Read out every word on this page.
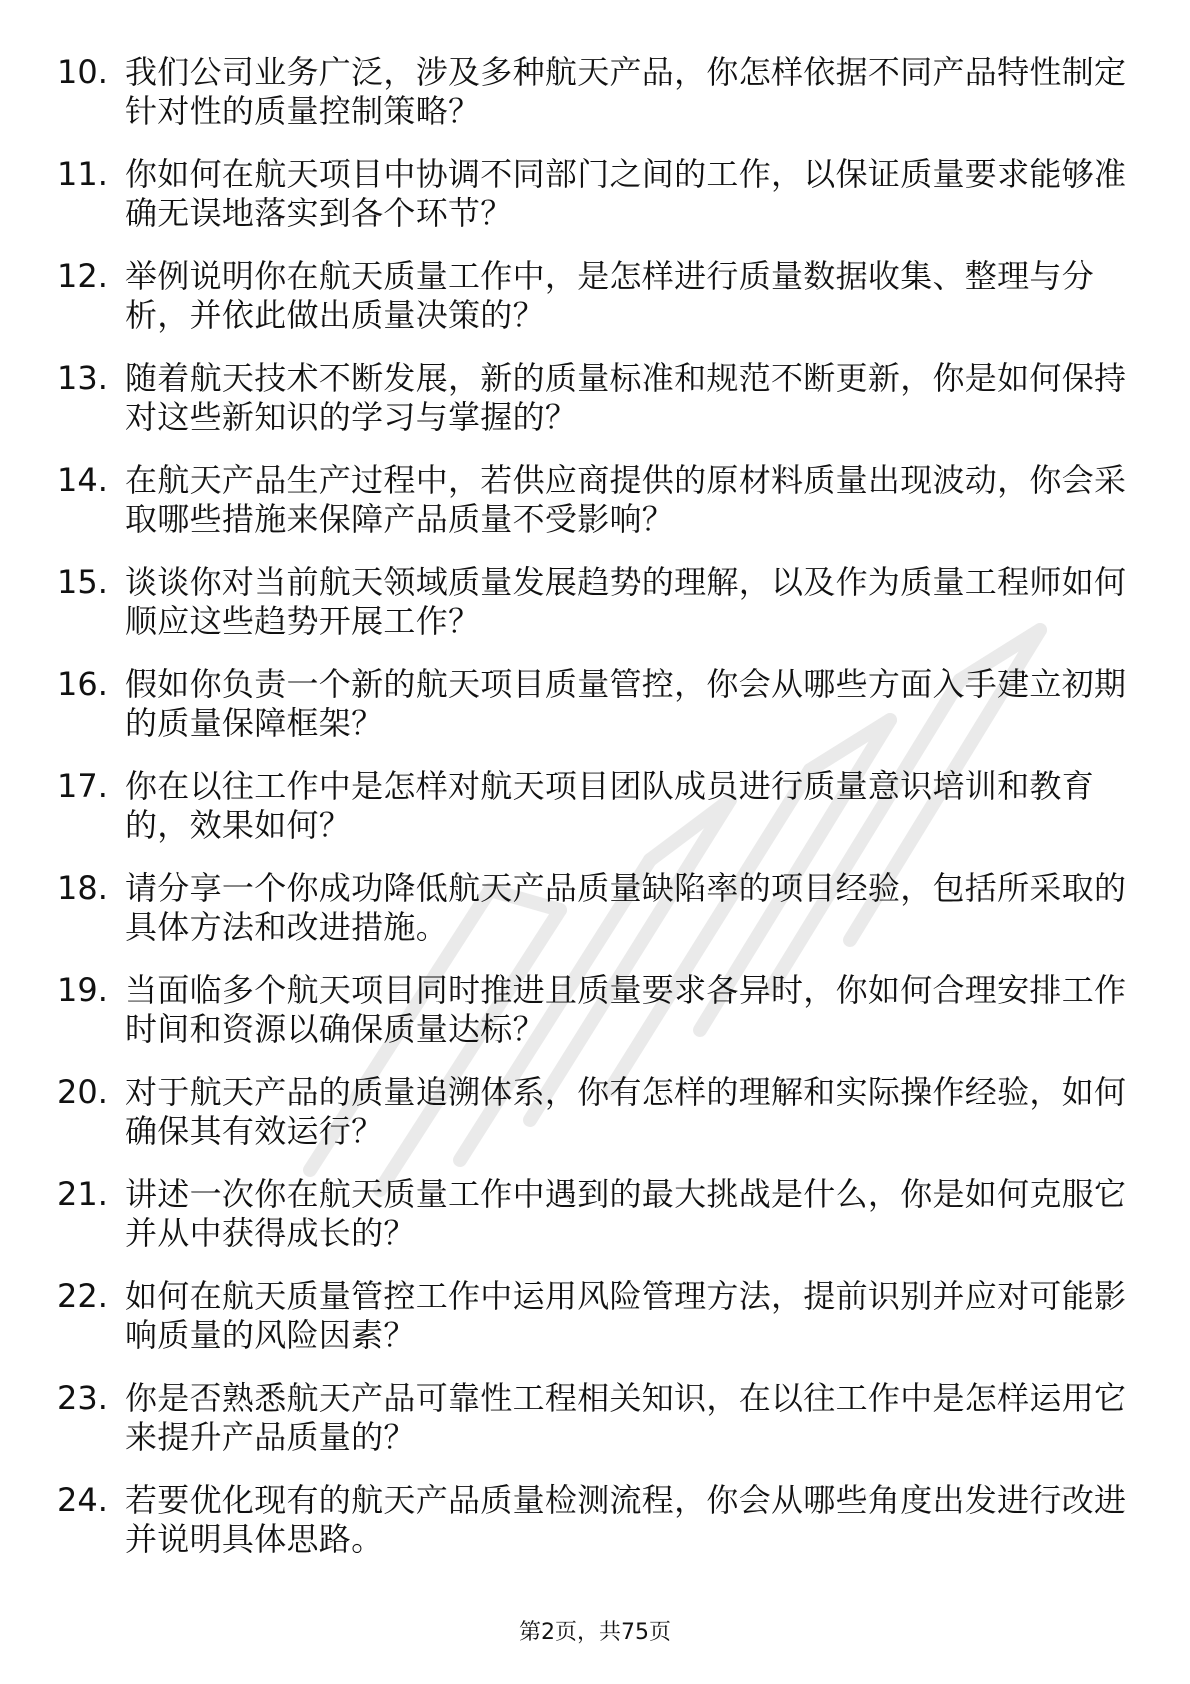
10. 我们公司业务广泛，涉及多种航天产品，你怎样依据不同产品特性制定针对性的质量控制策略？
11. 你如何在航天项目中协调不同部门之间的工作，以保证质量要求能够准确无误地落实到各个环节？
12. 举例说明你在航天质量工作中，是怎样进行质量数据收集、整理与分析，并依此做出质量决策的？
13. 随着航天技术不断发展，新的质量标准和规范不断更新，你是如何保持对这些新知识的学习与掌握的？
14. 在航天产品生产过程中，若供应商提供的原材料质量出现波动，你会采取哪些措施来保障产品质量不受影响？
15. 谈谈你对当前航天领域质量发展趋势的理解，以及作为质量工程师如何顺应这些趋势开展工作？
16. 假如你负责一个新的航天项目质量管控，你会从哪些方面入手建立初期的质量保障框架？
17. 你在以往工作中是怎样对航天项目团队成员进行质量意识培训和教育的，效果如何？
18. 请分享一个你成功降低航天产品质量缺陷率的项目经验，包括所采取的具体方法和改进措施。
19. 当面临多个航天项目同时推进且质量要求各异时，你如何合理安排工作时间和资源以确保质量达标？
20. 对于航天产品的质量追溯体系，你有怎样的理解和实际操作经验，如何确保其有效运行？
21. 讲述一次你在航天质量工作中遇到的最大挑战是什么，你是如何克服它并从中获得成长的？
22. 如何在航天质量管控工作中运用风险管理方法，提前识别并应对可能影响质量的风险因素？
23. 你是否熟悉航天产品可靠性工程相关知识，在以往工作中是怎样运用它来提升产品质量的？
24. 若要优化现有的航天产品质量检测流程，你会从哪些角度出发进行改进并说明具体思路。
第2页，共75页
